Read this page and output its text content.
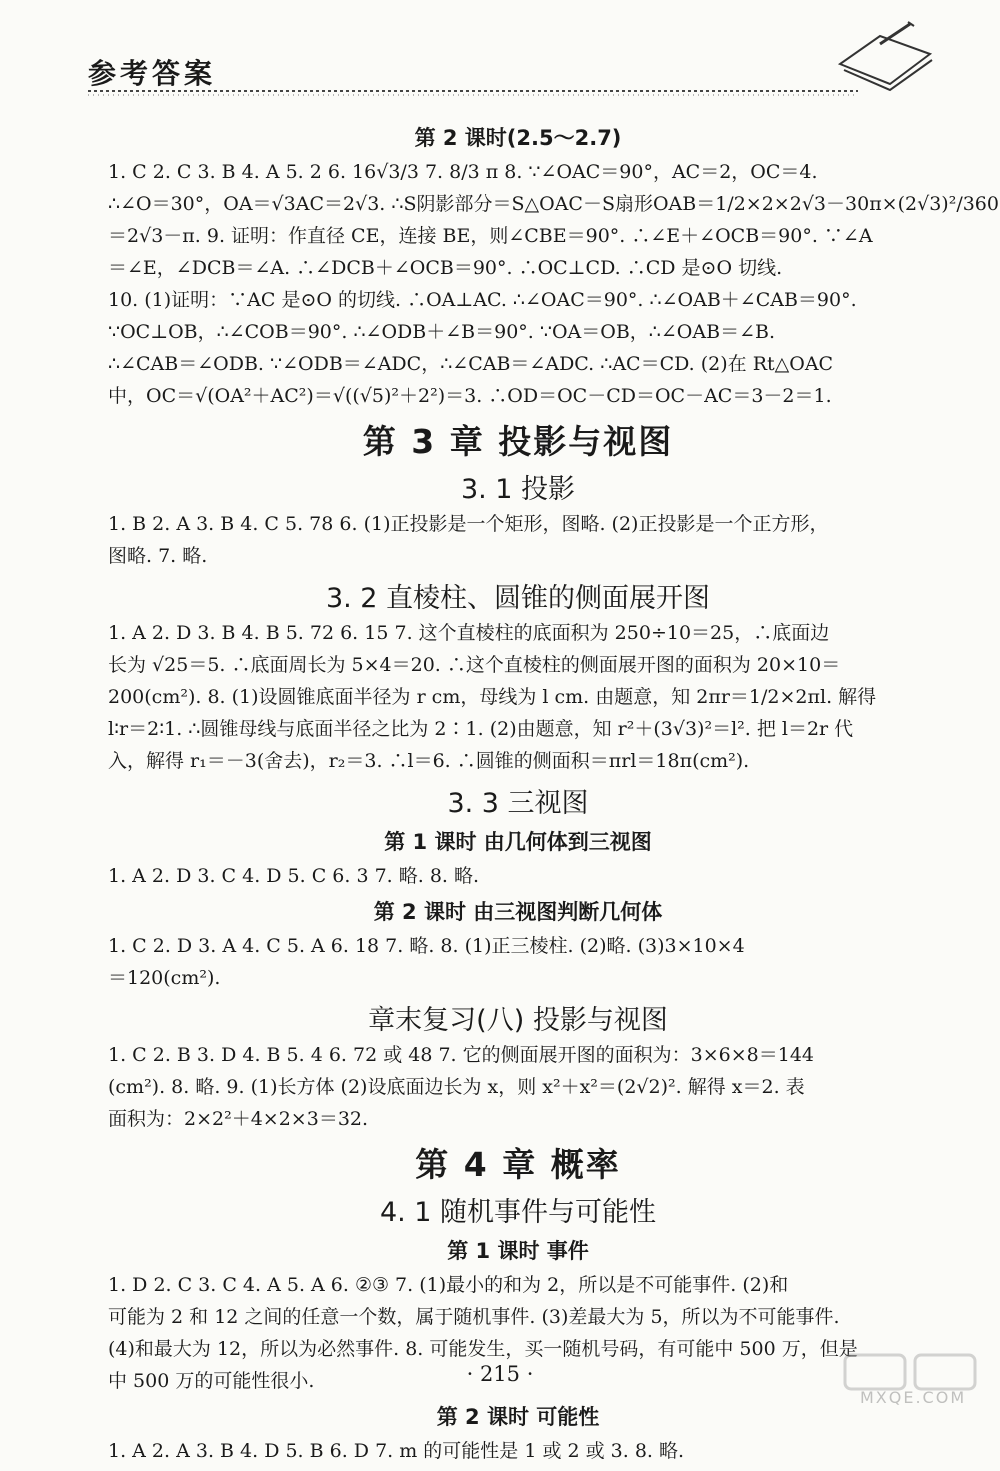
参考答案
第 2 课时(2.5～2.7)

1. C 2. C 3. B 4. A 5. 2 6. 16√3/3 7. 8/3 π 8. ∵∠OAC＝90°，AC＝2，OC＝4.

∴∠O＝30°，OA＝√3AC＝2√3. ∴S阴影部分＝S△OAC－S扇形OAB＝1/2×2×2√3－30π×(2√3)²/360

＝2√3－π. 9. 证明：作直径 CE，连接 BE，则∠CBE＝90°. ∴∠E＋∠OCB＝90°. ∵∠A

＝∠E，∠DCB＝∠A. ∴∠DCB＋∠OCB＝90°. ∴OC⊥CD. ∴CD 是⊙O 切线.

10. (1)证明：∵AC 是⊙O 的切线. ∴OA⊥AC. ∴∠OAC＝90°. ∴∠OAB＋∠CAB＝90°.

∵OC⊥OB，∴∠COB＝90°. ∴∠ODB＋∠B＝90°. ∵OA＝OB，∴∠OAB＝∠B.

∴∠CAB＝∠ODB. ∵∠ODB＝∠ADC，∴∠CAB＝∠ADC. ∴AC＝CD. (2)在 Rt△OAC

中，OC＝√(OA²＋AC²)＝√((√5)²＋2²)＝3. ∴OD＝OC－CD＝OC－AC＝3－2＝1.

第 3 章 投影与视图
3. 1 投影

1. B 2. A 3. B 4. C 5. 78 6. (1)正投影是一个矩形，图略. (2)正投影是一个正方形，

图略. 7. 略.

3. 2 直棱柱、圆锥的侧面展开图

1. A 2. D 3. B 4. B 5. 72 6. 15 7. 这个直棱柱的底面积为 250÷10＝25，∴底面边

长为 √25＝5. ∴底面周长为 5×4＝20. ∴这个直棱柱的侧面展开图的面积为 20×10＝

200(cm²). 8. (1)设圆锥底面半径为 r cm，母线为 l cm. 由题意，知 2πr＝1/2×2πl. 解得

l∶r＝2∶1. ∴圆锥母线与底面半径之比为 2∶1. (2)由题意，知 r²＋(3√3)²＝l². 把 l＝2r 代

入，解得 r₁＝－3(舍去)，r₂＝3. ∴l＝6. ∴圆锥的侧面积＝πrl＝18π(cm²).

3. 3 三视图
第 1 课时 由几何体到三视图

1. A 2. D 3. C 4. D 5. C 6. 3 7. 略. 8. 略.

第 2 课时 由三视图判断几何体

1. C 2. D 3. A 4. C 5. A 6. 18 7. 略. 8. (1)正三棱柱. (2)略. (3)3×10×4

＝120(cm²).

章末复习(八) 投影与视图

1. C 2. B 3. D 4. B 5. 4 6. 72 或 48 7. 它的侧面展开图的面积为：3×6×8＝144

(cm²). 8. 略. 9. (1)长方体 (2)设底面边长为 x，则 x²＋x²＝(2√2)². 解得 x＝2. 表

面积为：2×2²＋4×2×3＝32.

第 4 章 概率
4. 1 随机事件与可能性
第 1 课时 事件

1. D 2. C 3. C 4. A 5. A 6. ②③ 7. (1)最小的和为 2，所以是不可能事件. (2)和

可能为 2 和 12 之间的任意一个数，属于随机事件. (3)差最大为 5，所以为不可能事件.

(4)和最大为 12，所以为必然事件. 8. 可能发生，买一随机号码，有可能中 500 万，但是

中 500 万的可能性很小.

第 2 课时 可能性

1. A 2. A 3. B 4. D 5. B 6. D 7. m 的可能性是 1 或 2 或 3. 8. 略.

· 215 ·
MXQE.COM
